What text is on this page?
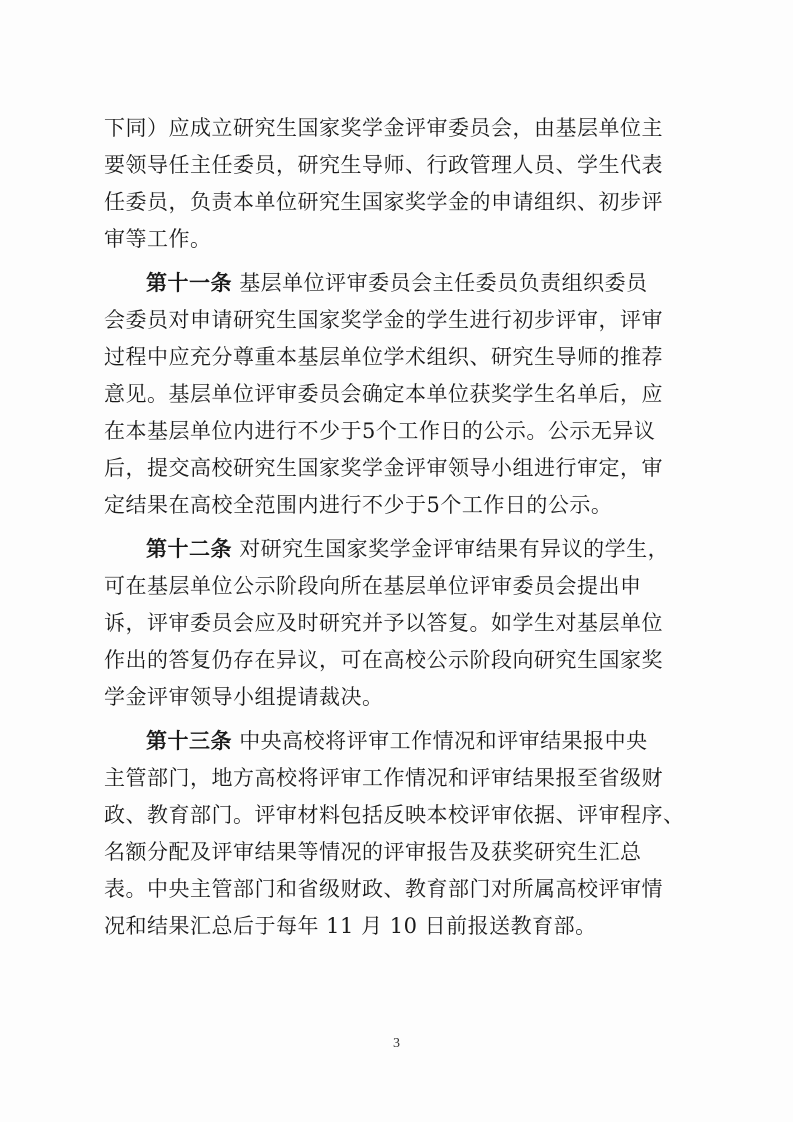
下同）应成立研究生国家奖学金评审委员会，由基层单位主
要领导任主任委员，研究生导师、行政管理人员、学生代表
任委员，负责本单位研究生国家奖学金的申请组织、初步评
审等工作。
第十一条 基层单位评审委员会主任委员负责组织委员
会委员对申请研究生国家奖学金的学生进行初步评审，评审
过程中应充分尊重本基层单位学术组织、研究生导师的推荐
意见。基层单位评审委员会确定本单位获奖学生名单后，应
在本基层单位内进行不少于5个工作日的公示。公示无异议
后，提交高校研究生国家奖学金评审领导小组进行审定，审
定结果在高校全范围内进行不少于5个工作日的公示。
第十二条 对研究生国家奖学金评审结果有异议的学生，
可在基层单位公示阶段向所在基层单位评审委员会提出申
诉，评审委员会应及时研究并予以答复。如学生对基层单位
作出的答复仍存在异议，可在高校公示阶段向研究生国家奖
学金评审领导小组提请裁决。
第十三条 中央高校将评审工作情况和评审结果报中央
主管部门，地方高校将评审工作情况和评审结果报至省级财
政、教育部门。评审材料包括反映本校评审依据、评审程序、
名额分配及评审结果等情况的评审报告及获奖研究生汇总
表。中央主管部门和省级财政、教育部门对所属高校评审情
况和结果汇总后于每年 11 月 10 日前报送教育部。
3
